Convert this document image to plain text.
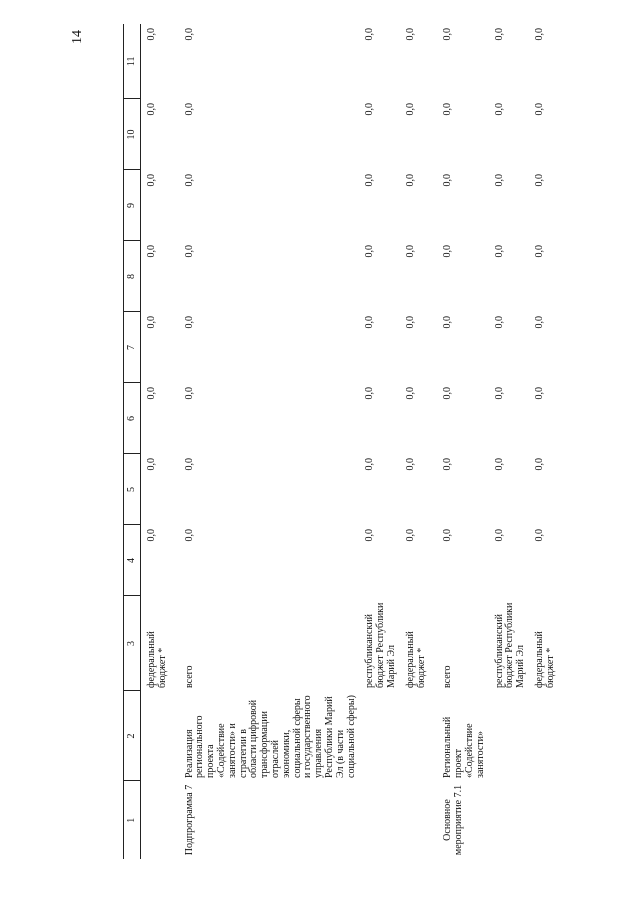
14
1	2	3	4	5	6	7	8	9	10	11
		федеральный бюджет *	0,0	0,0	0,0	0,0	0,0	0,0	0,0	0,0
Подпрограмма 7	Реализация регионального проекта «Содействие занятости» и стратегии в области цифровой трансформации отраслей экономики, социальной сферы и государственного управления Республики Марий Эл (в части социальной сферы)	всего	0,0	0,0	0,0	0,0	0,0	0,0	0,0	0,0
		республиканский бюджет Республики Марий Эл	0,0	0,0	0,0	0,0	0,0	0,0	0,0	0,0
		федеральный бюджет *	0,0	0,0	0,0	0,0	0,0	0,0	0,0	0,0
Основное мероприятие 7.1	Региональный проект «Содействие занятости»	всего	0,0	0,0	0,0	0,0	0,0	0,0	0,0	0,0
		республиканский бюджет Республики Марий Эл	0,0	0,0	0,0	0,0	0,0	0,0	0,0	0,0
		федеральный бюджет *	0,0	0,0	0,0	0,0	0,0	0,0	0,0	0,0
